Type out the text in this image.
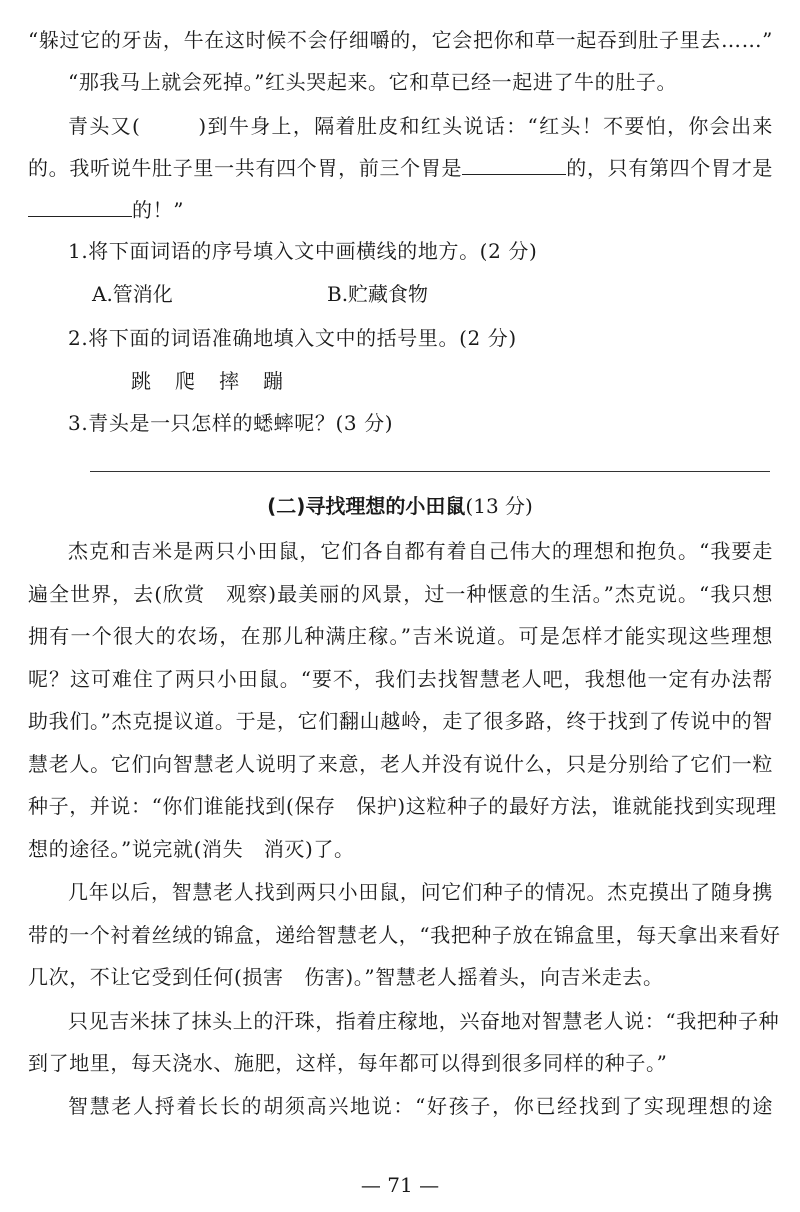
“躲过它的牙齿，牛在这时候不会仔细嚼的，它会把你和草一起吞到肚子里去……”
“那我马上就会死掉。”红头哭起来。它和草已经一起进了牛的肚子。
青头又(	)到牛身上，隔着肚皮和红头说话：“红头！不要怕，你会出来
的。我听说牛肚子里一共有四个胃，前三个胃是	的，只有第四个胃才是
的！”
1.将下面词语的序号填入文中画横线的地方。(2 分)
A.管消化	B.贮藏食物
2.将下面的词语准确地填入文中的括号里。(2 分)
跳　爬　摔　蹦
3.青头是一只怎样的蟋蟀呢？(3 分)
(二)寻找理想的小田鼠(13 分)
杰克和吉米是两只小田鼠，它们各自都有着自己伟大的理想和抱负。“我要走
遍全世界，去(欣赏　观察)最美丽的风景，过一种惬意的生活。”杰克说。“我只想
拥有一个很大的农场，在那儿种满庄稼。”吉米说道。可是怎样才能实现这些理想
呢？这可难住了两只小田鼠。“要不，我们去找智慧老人吧，我想他一定有办法帮
助我们。”杰克提议道。于是，它们翻山越岭，走了很多路，终于找到了传说中的智
慧老人。它们向智慧老人说明了来意，老人并没有说什么，只是分别给了它们一粒
种子，并说：“你们谁能找到(保存　保护)这粒种子的最好方法，谁就能找到实现理
想的途径。”说完就(消失　消灭)了。
几年以后，智慧老人找到两只小田鼠，问它们种子的情况。杰克摸出了随身携
带的一个衬着丝绒的锦盒，递给智慧老人，“我把种子放在锦盒里，每天拿出来看好
几次，不让它受到任何(损害　伤害)。”智慧老人摇着头，向吉米走去。
只见吉米抹了抹头上的汗珠，指着庄稼地，兴奋地对智慧老人说：“我把种子种
到了地里，每天浇水、施肥，这样，每年都可以得到很多同样的种子。”
智慧老人捋着长长的胡须高兴地说：“好孩子，你已经找到了实现理想的途
— 71 —
